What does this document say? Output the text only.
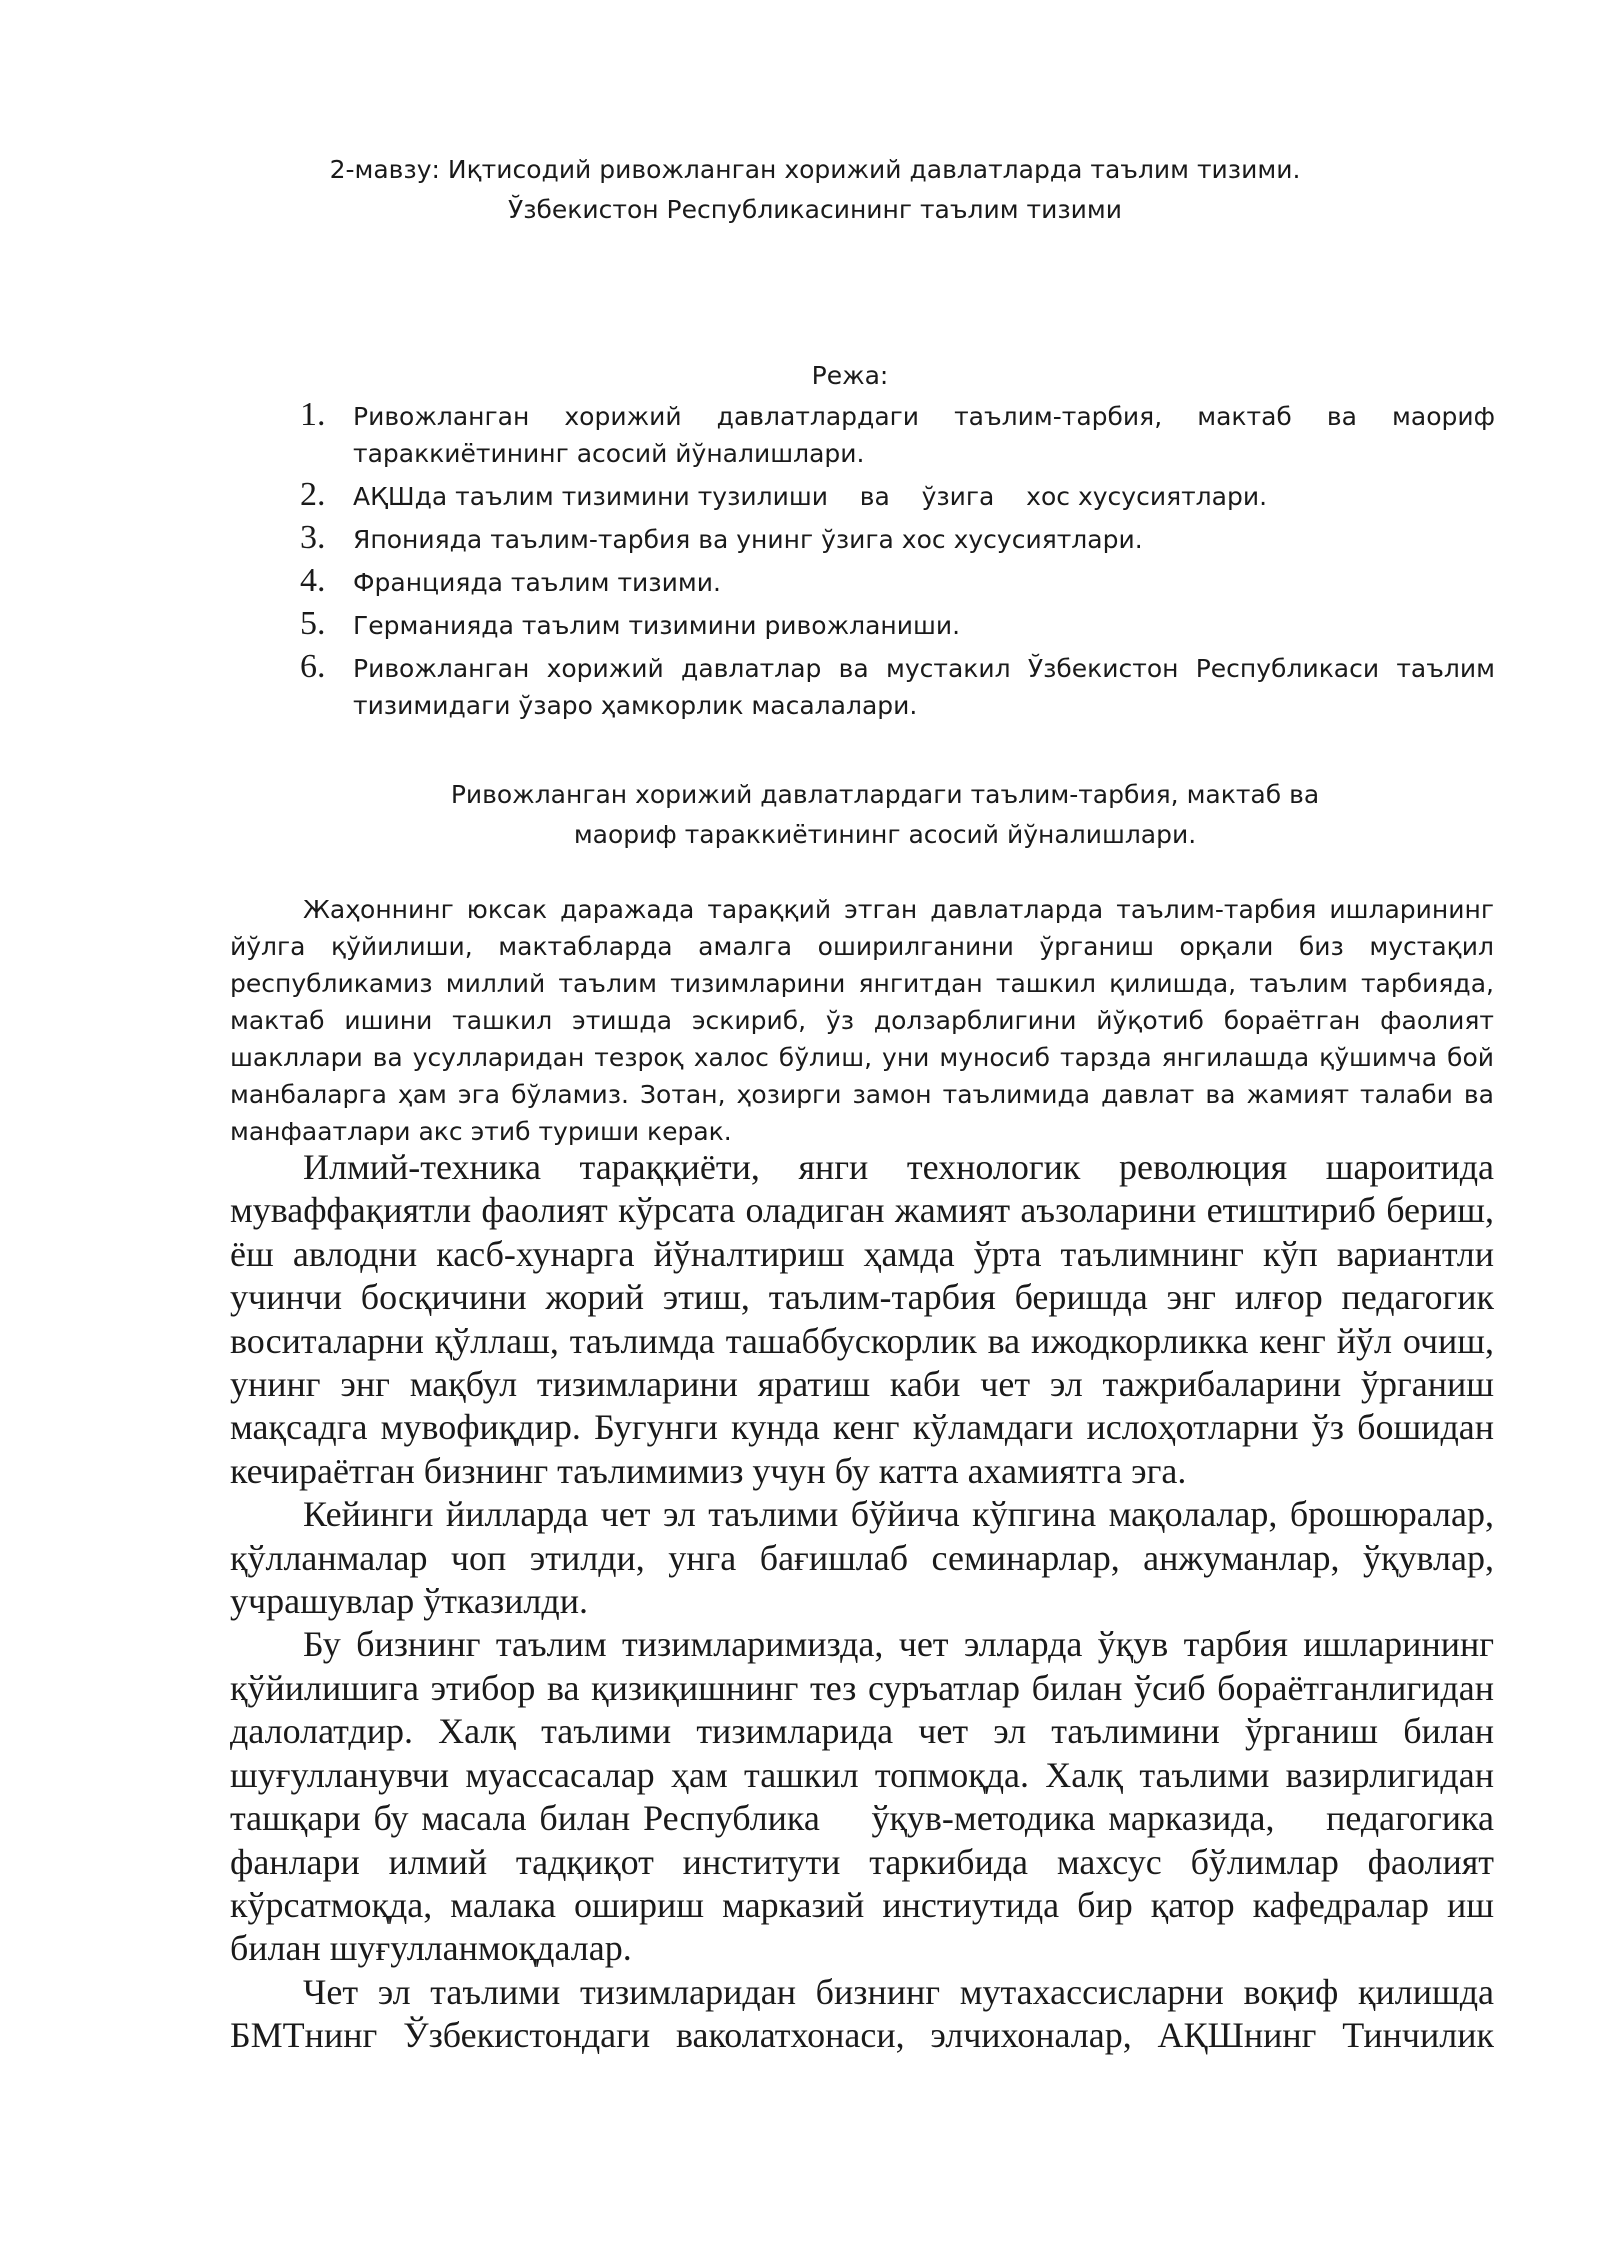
2-мавзу: Иқтисодий ривожланган хорижий давлатларда таълим тизими. Ўзбекистон Республикасининг таълим тизими
Режа:
1. Ривожланган хорижий давлатлардаги таълим-тарбия, мактаб ва маориф тараккиётининг асосий йўналишлари.
2. АҚШда таълим тизимини тузилиши    ва    ўзига    хос хусусиятлари.
3. Японияда таълим-тарбия ва унинг ўзига хос хусусиятлари.
4. Францияда таълим тизими.
5. Германияда таълим тизимини ривожланиши.
6. Ривожланган хорижий давлатлар ва мустакил Ўзбекистон Республикаси таълим тизимидаги ўзаро ҳамкорлик масалалари.
Ривожланган хорижий давлатлардаги таълим-тарбия, мактаб ва маориф тараккиётининг асосий йўналишлари.

Жаҳоннинг юксак даражада тараққий этган давлатларда таълим-тарбия ишларининг йўлга қўйилиши, мактабларда амалга оширилганини ўрганиш орқали биз мустақил республикамиз миллий таълим тизимларини янгитдан ташкил қилишда, таълим тарбияда, мактаб ишини ташкил этишда эскириб, ўз долзарблигини йўқотиб бораётган фаолият шакллари ва усулларидан тезроқ халос бўлиш, уни муносиб тарзда янгилашда қўшимча бой манбаларга ҳам эга бўламиз. Зотан, ҳозирги замон таълимида давлат ва жамият талаби ва манфаатлари акс этиб туриши керак.

Илмий-техника тараққиёти, янги технологик революция шароитида муваффақиятли фаолият кўрсата оладиган жамият аъзоларини етиштириб бериш, ёш авлодни касб-хунарга йўналтириш ҳамда ўрта таълимнинг кўп вариантли учинчи босқичини жорий этиш, таълим-тарбия беришда энг илғор педагогик воситаларни қўллаш, таълимда ташаббускорлик ва ижодкорликка кенг йўл очиш, унинг энг мақбул тизимларини яратиш каби чет эл тажрибаларини ўрганиш мақсадга мувофиқдир. Бугунги кунда кенг кўламдаги ислоҳотларни ўз бошидан кечираётган бизнинг таълимимиз учун бу катта ахамиятга эга.

Кейинги йилларда чет эл таълими бўйича кўпгина мақолалар, брошюралар, қўлланмалар чоп этилди, унга бағишлаб семинарлар, анжуманлар, ўқувлар, учрашувлар ўтказилди.

Бу бизнинг таълим тизимларимизда, чет элларда ўқув тарбия ишларининг қўйилишига этибор ва қизиқишнинг тез суръатлар билан ўсиб бораётганлигидан далолатдир. Халқ таълими тизимларида чет эл таълимини ўрганиш билан шуғулланувчи муассасалар ҳам ташкил топмоқда. Халқ таълими вазирлигидан ташқари бу масала билан Республика    ўқув-методика марказида,    педагогика    фанлари илмий тадқиқот институти таркибида махсус бўлимлар фаолият кўрсатмоқда, малака ошириш марказий инстиутида бир қатор кафедралар иш билан шуғулланмоқдалар.

Чет эл таълими тизимларидан бизнинг мутахассисларни воқиф қилишда БМТнинг Ўзбекистондаги ваколатхонаси, элчихоналар, АҚШнинг Тинчилик
